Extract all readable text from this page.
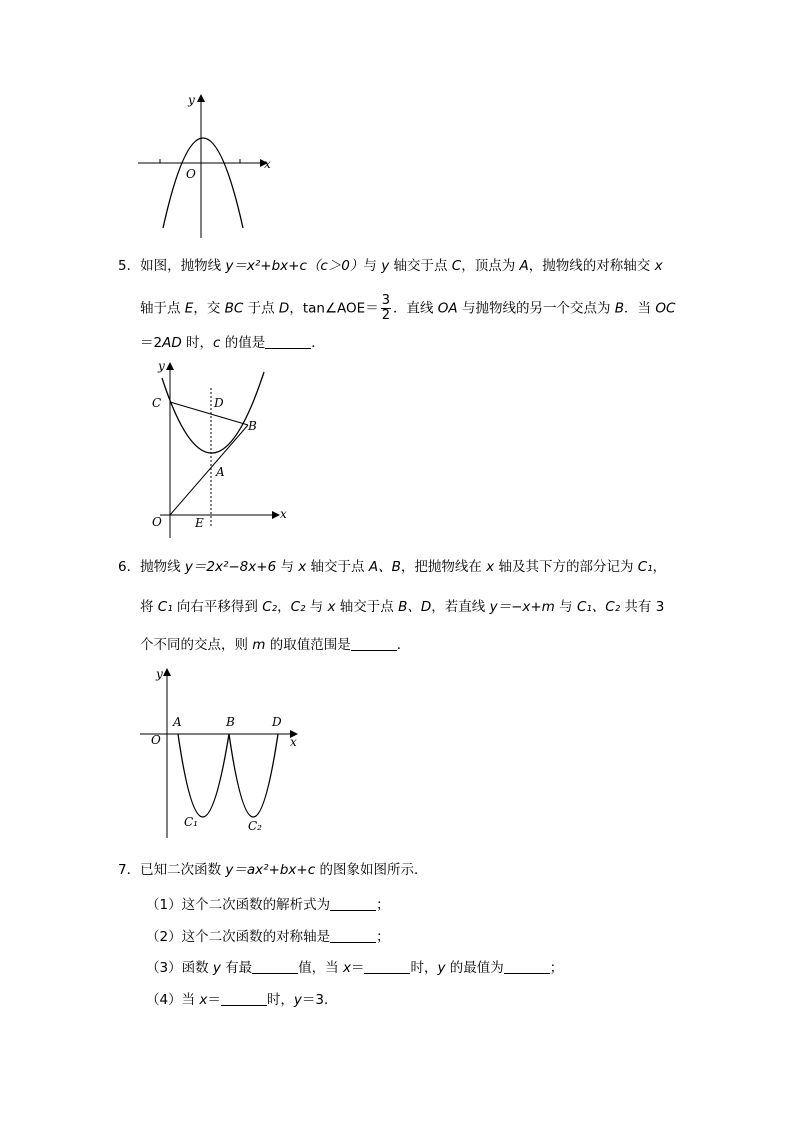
y
x
O
5．如图，抛物线 y＝x²+bx+c（c＞0）与 y 轴交于点 C，顶点为 A，抛物线的对称轴交 x
轴于点 E，交 BC 于点 D，tan∠AOE＝ $\frac{3}{2}$ ．直线 OA 与抛物线的另一个交点为 B．当 OC
＝2AD 时，c 的值是	．
y
x
C	D
B
A
O	E
6．抛物线 y＝2x²−8x+6 与 x 轴交于点 A、B，把抛物线在 x 轴及其下方的部分记为 C₁，
将 C₁ 向右平移得到 C₂，C₂ 与 x 轴交于点 B、D，若直线 y＝−x+m 与 C₁、C₂ 共有 3
个不同的交点，则 m 的取值范围是	．
y
x
A	B	D
O
C₁	C₂
7．已知二次函数 y＝ax²+bx+c 的图象如图所示．
（1）这个二次函数的解析式为	；
（2）这个二次函数的对称轴是	；
（3）函数 y 有最	值，当 x＝	时，y 的最值为	；
（4）当 x＝	时，y＝3．
